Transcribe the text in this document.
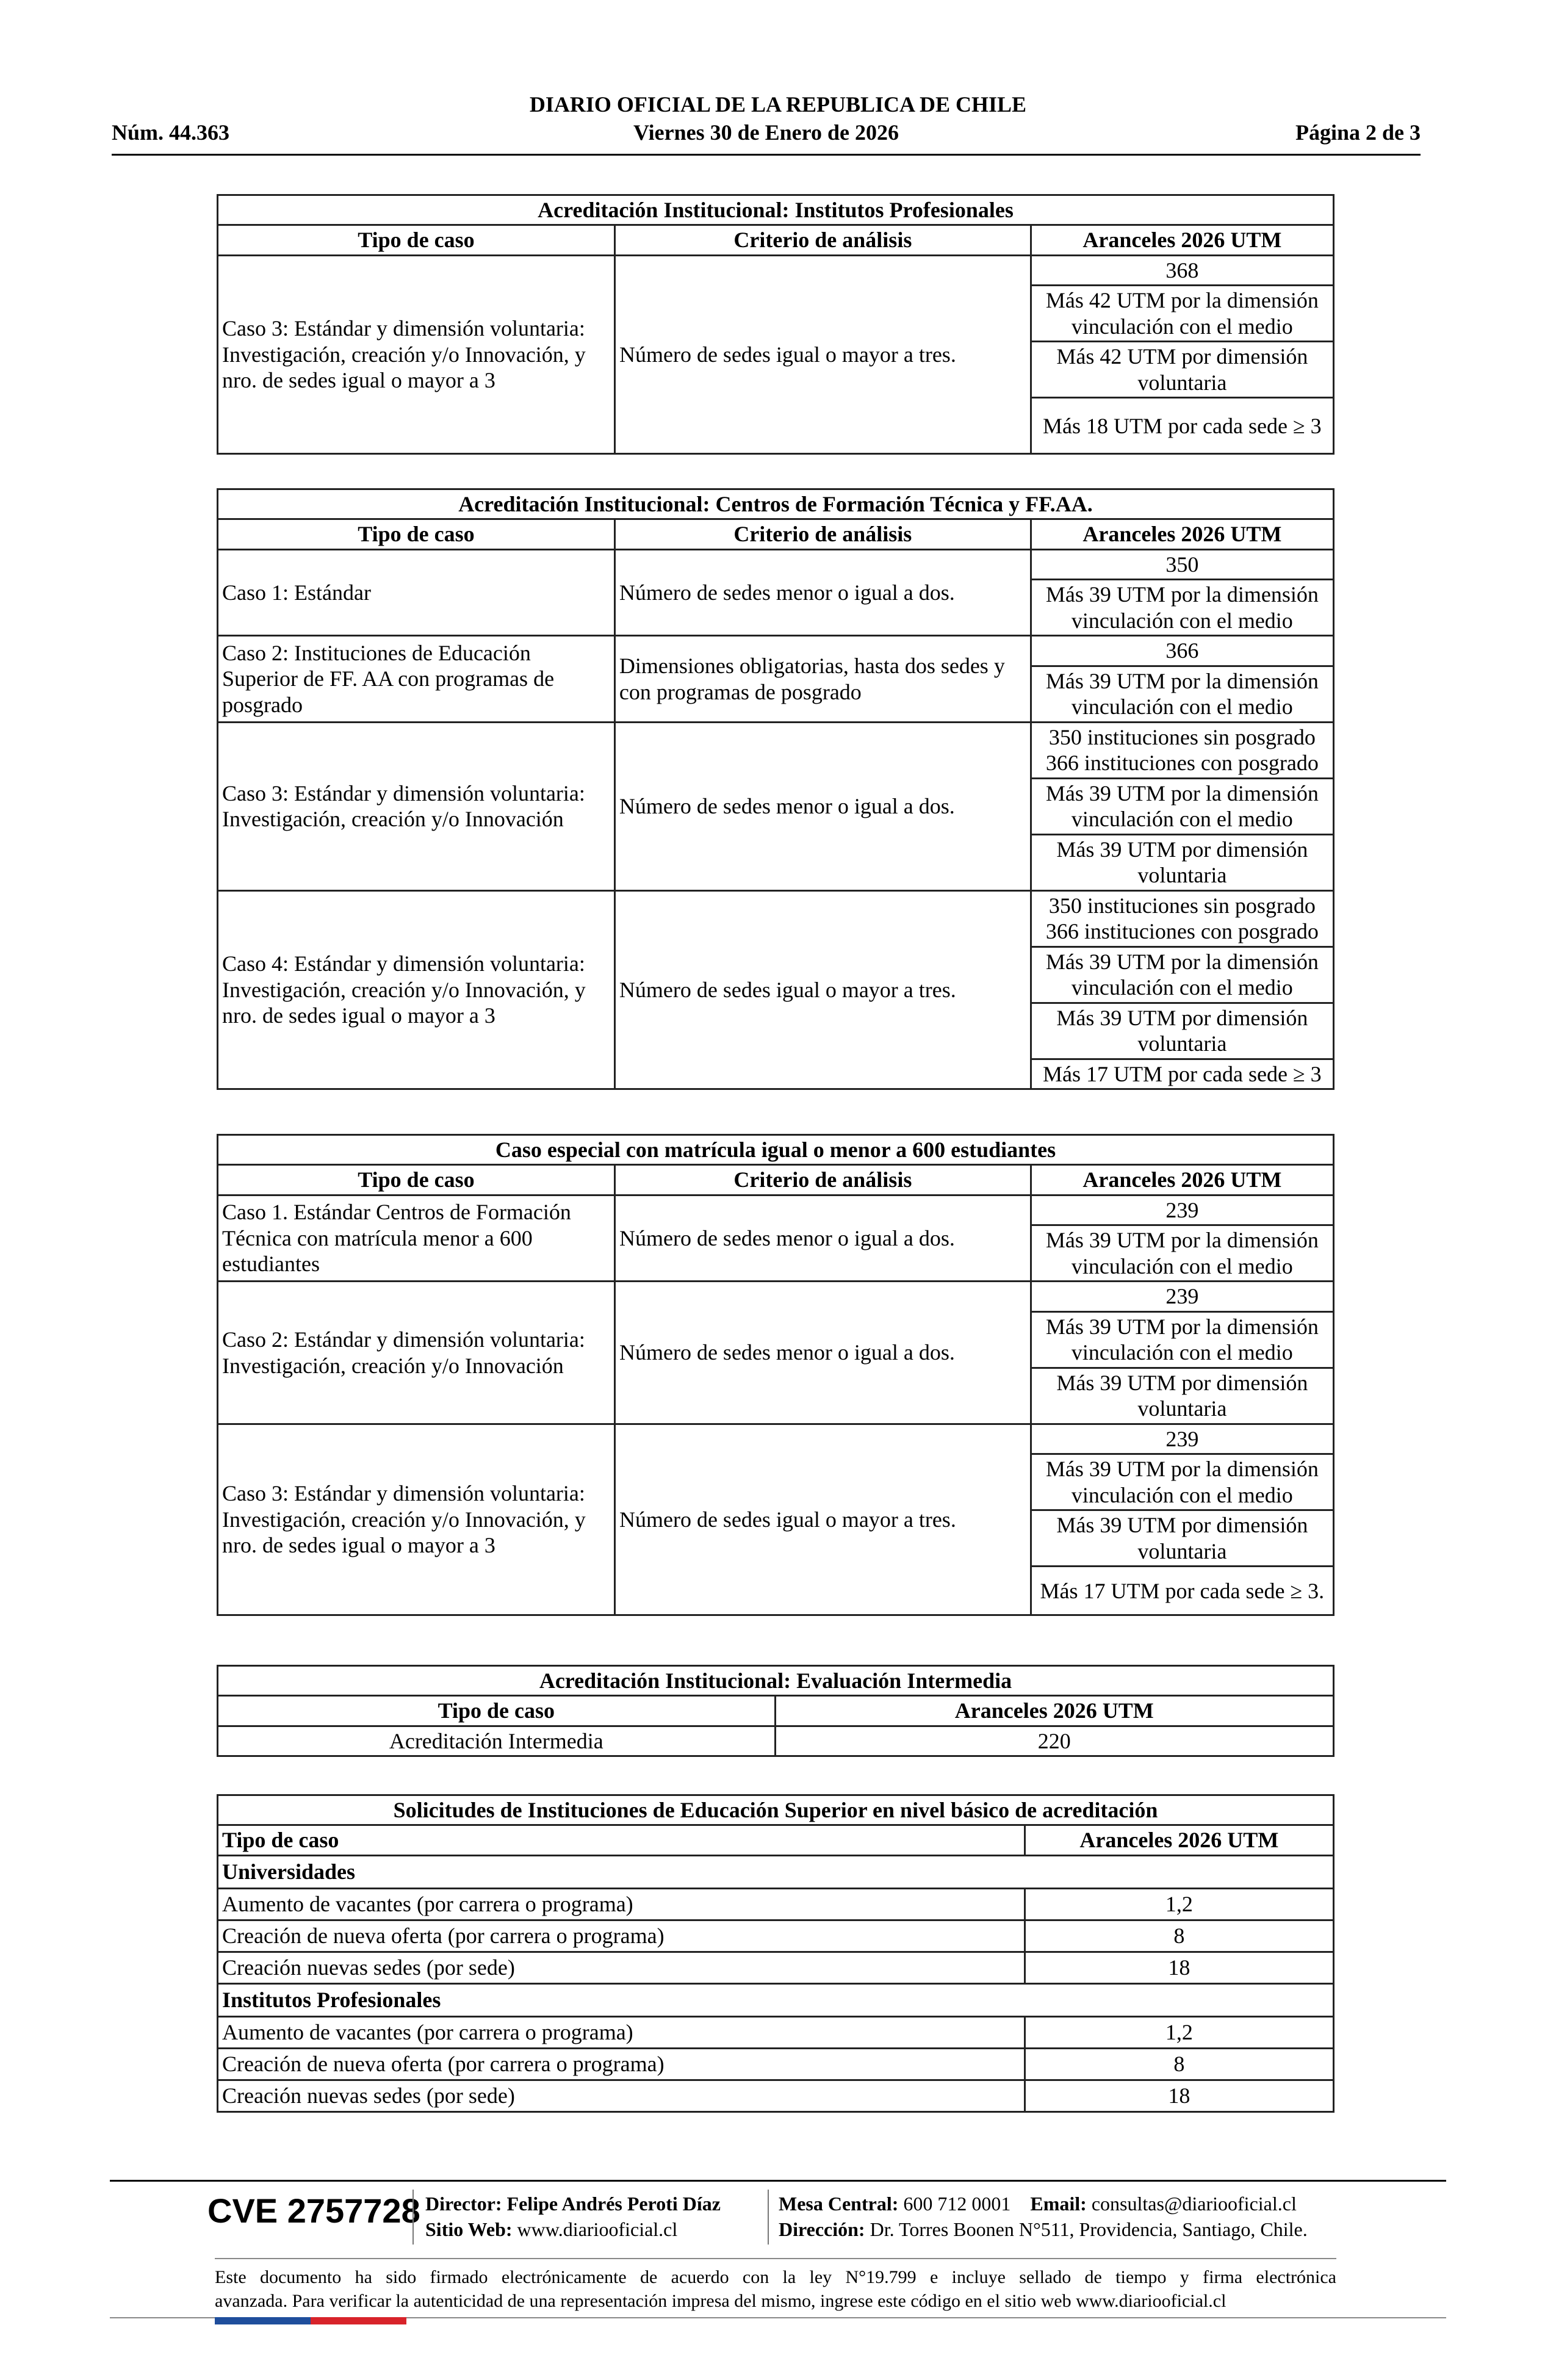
DIARIO OFICIAL DE LA REPUBLICA DE CHILE
Núm. 44.363	Viernes 30 de Enero de 2026	Página 2 de 3
Acreditación Institucional: Institutos Profesionales		
Tipo de caso	Criterio de análisis	Aranceles 2026 UTM
Caso 3: Estándar y dimensión voluntaria: Investigación, creación y/o Innovación, y nro. de sedes igual o mayor a 3	Número de sedes igual o mayor a tres.	368
		Más 42 UTM por la dimensión vinculación con el medio
		Más 42 UTM por dimensión voluntaria
		Más 18 UTM por cada sede ≥ 3
Acreditación Institucional: Centros de Formación Técnica y FF.AA.		
Tipo de caso	Criterio de análisis	Aranceles 2026 UTM
Caso 1: Estándar	Número de sedes menor o igual a dos.	350
		Más 39 UTM por la dimensión vinculación con el medio
Caso 2: Instituciones de Educación Superior de FF. AA con programas de posgrado	Dimensiones obligatorias, hasta dos sedes y con programas de posgrado	366
		Más 39 UTM por la dimensión vinculación con el medio
Caso 3: Estándar y dimensión voluntaria: Investigación, creación y/o Innovación	Número de sedes menor o igual a dos.	350 instituciones sin posgrado
366 instituciones con posgrado

		Más 39 UTM por la dimensión vinculación con el medio
		Más 39 UTM por dimensión voluntaria
Caso 4: Estándar y dimensión voluntaria: Investigación, creación y/o Innovación, y nro. de sedes igual o mayor a 3	Número de sedes igual o mayor a tres.	350 instituciones sin posgrado
366 instituciones con posgrado

		Más 39 UTM por la dimensión vinculación con el medio
		Más 39 UTM por dimensión voluntaria
		Más 17 UTM por cada sede ≥ 3
Caso especial con matrícula igual o menor a 600 estudiantes		
Tipo de caso	Criterio de análisis	Aranceles 2026 UTM
Caso 1. Estándar Centros de Formación Técnica con matrícula menor a 600 estudiantes	Número de sedes menor o igual a dos.	239
		Más 39 UTM por la dimensión vinculación con el medio
Caso 2: Estándar y dimensión voluntaria: Investigación, creación y/o Innovación	Número de sedes menor o igual a dos.	239
		Más 39 UTM por la dimensión vinculación con el medio
		Más 39 UTM por dimensión voluntaria
Caso 3: Estándar y dimensión voluntaria: Investigación, creación y/o Innovación, y nro. de sedes igual o mayor a 3	Número de sedes igual o mayor a tres.	239
		Más 39 UTM por la dimensión vinculación con el medio
		Más 39 UTM por dimensión voluntaria
		Más 17 UTM por cada sede ≥ 3.
Acreditación Institucional: Evaluación Intermedia	
Tipo de caso	Aranceles 2026 UTM
Acreditación Intermedia	220
Solicitudes de Instituciones de Educación Superior en nivel básico de acreditación	
Tipo de caso	Aranceles 2026 UTM
Universidades	
Aumento de vacantes (por carrera o programa)	1,2
Creación de nueva oferta (por carrera o programa)	8
Creación nuevas sedes (por sede)	18
Institutos Profesionales	
Aumento de vacantes (por carrera o programa)	1,2
Creación de nueva oferta (por carrera o programa)	8
Creación nuevas sedes (por sede)	18
CVE 2757728 Director: Felipe Andrés Peroti Díaz
Sitio Web: www.diariooficial.cl
Mesa Central: 600 712 0001 Email: consultas@diariooficial.cl
Dirección: Dr. Torres Boonen N°511, Providencia, Santiago, Chile.
Este documento ha sido firmado electrónicamente de acuerdo con la ley N°19.799 e incluye sellado de tiempo y firma electrónica
avanzada. Para verificar la autenticidad de una representación impresa del mismo, ingrese este código en el sitio web www.diariooficial.cl
